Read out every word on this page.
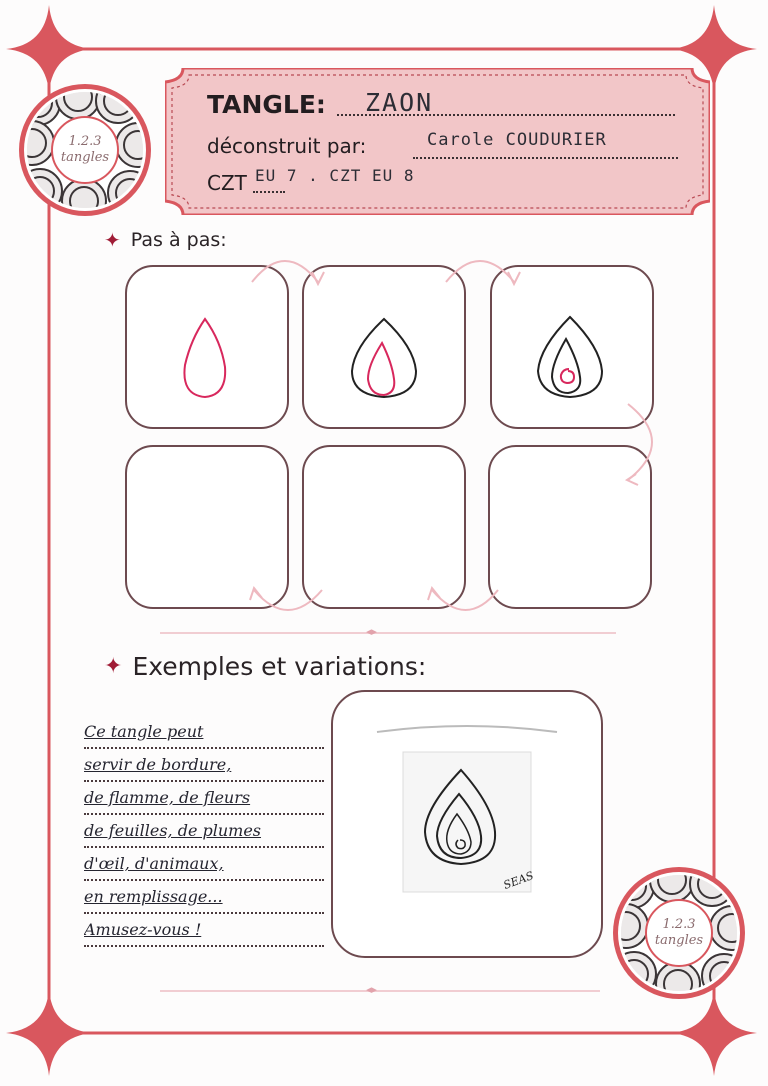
1.2.3
tangles
TANGLE: ZAON
déconstruit par:	Carole COUDURIER
CZT EU 7 . CZT EU 8
✦ Pas à pas:
◂▸
✦ Exemples et variations:
Ce tangle peut
servir de bordure,
de flamme, de fleurs
de feuilles, de plumes
d'œil, d'animaux,
en remplissage...
Amusez-vous !
SEAS
1.2.3
tangles
◂▸
